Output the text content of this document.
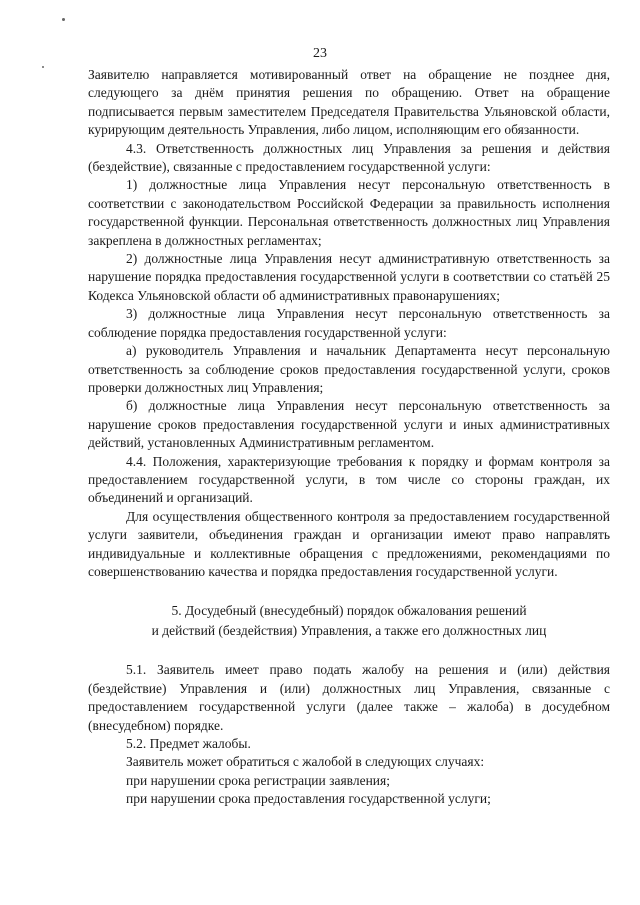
23

Заявителю направляется мотивированный ответ на обращение не позднее дня, следующего за днём принятия решения по обращению. Ответ на обращение подписывается первым заместителем Председателя Правительства Ульяновской области, курирующим деятельность Управления, либо лицом, исполняющим его обязанности.

4.3. Ответственность должностных лиц Управления за решения и действия (бездействие), связанные с предоставлением государственной услуги:

1) должностные лица Управления несут персональную ответственность в соответствии с законодательством Российской Федерации за правильность исполнения государственной функции. Персональная ответственность должностных лиц Управления закреплена в должностных регламентах;

2) должностные лица Управления несут административную ответственность за нарушение порядка предоставления государственной услуги в соответствии со статьёй 25 Кодекса Ульяновской области об административных правонарушениях;

3) должностные лица Управления несут персональную ответственность за соблюдение порядка предоставления государственной услуги:

а) руководитель Управления и начальник Департамента несут персональную ответственность за соблюдение сроков предоставления государственной услуги, сроков проверки должностных лиц Управления;

б) должностные лица Управления несут персональную ответственность за нарушение сроков предоставления государственной услуги и иных административных действий, установленных Административным регламентом.

4.4. Положения, характеризующие требования к порядку и формам контроля за предоставлением государственной услуги, в том числе со стороны граждан, их объединений и организаций.

Для осуществления общественного контроля за предоставлением государственной услуги заявители, объединения граждан и организации имеют право направлять индивидуальные и коллективные обращения с предложениями, рекомендациями по совершенствованию качества и порядка предоставления государственной услуги.

5. Досудебный (внесудебный) порядок обжалования решений
и действий (бездействия) Управления, а также его должностных лиц

5.1. Заявитель имеет право подать жалобу на решения и (или) действия (бездействие) Управления и (или) должностных лиц Управления, связанные с предоставлением государственной услуги (далее также – жалоба) в досудебном (внесудебном) порядке.

5.2. Предмет жалобы.

Заявитель может обратиться с жалобой в следующих случаях:

при нарушении срока регистрации заявления;

при нарушении срока предоставления государственной услуги;
